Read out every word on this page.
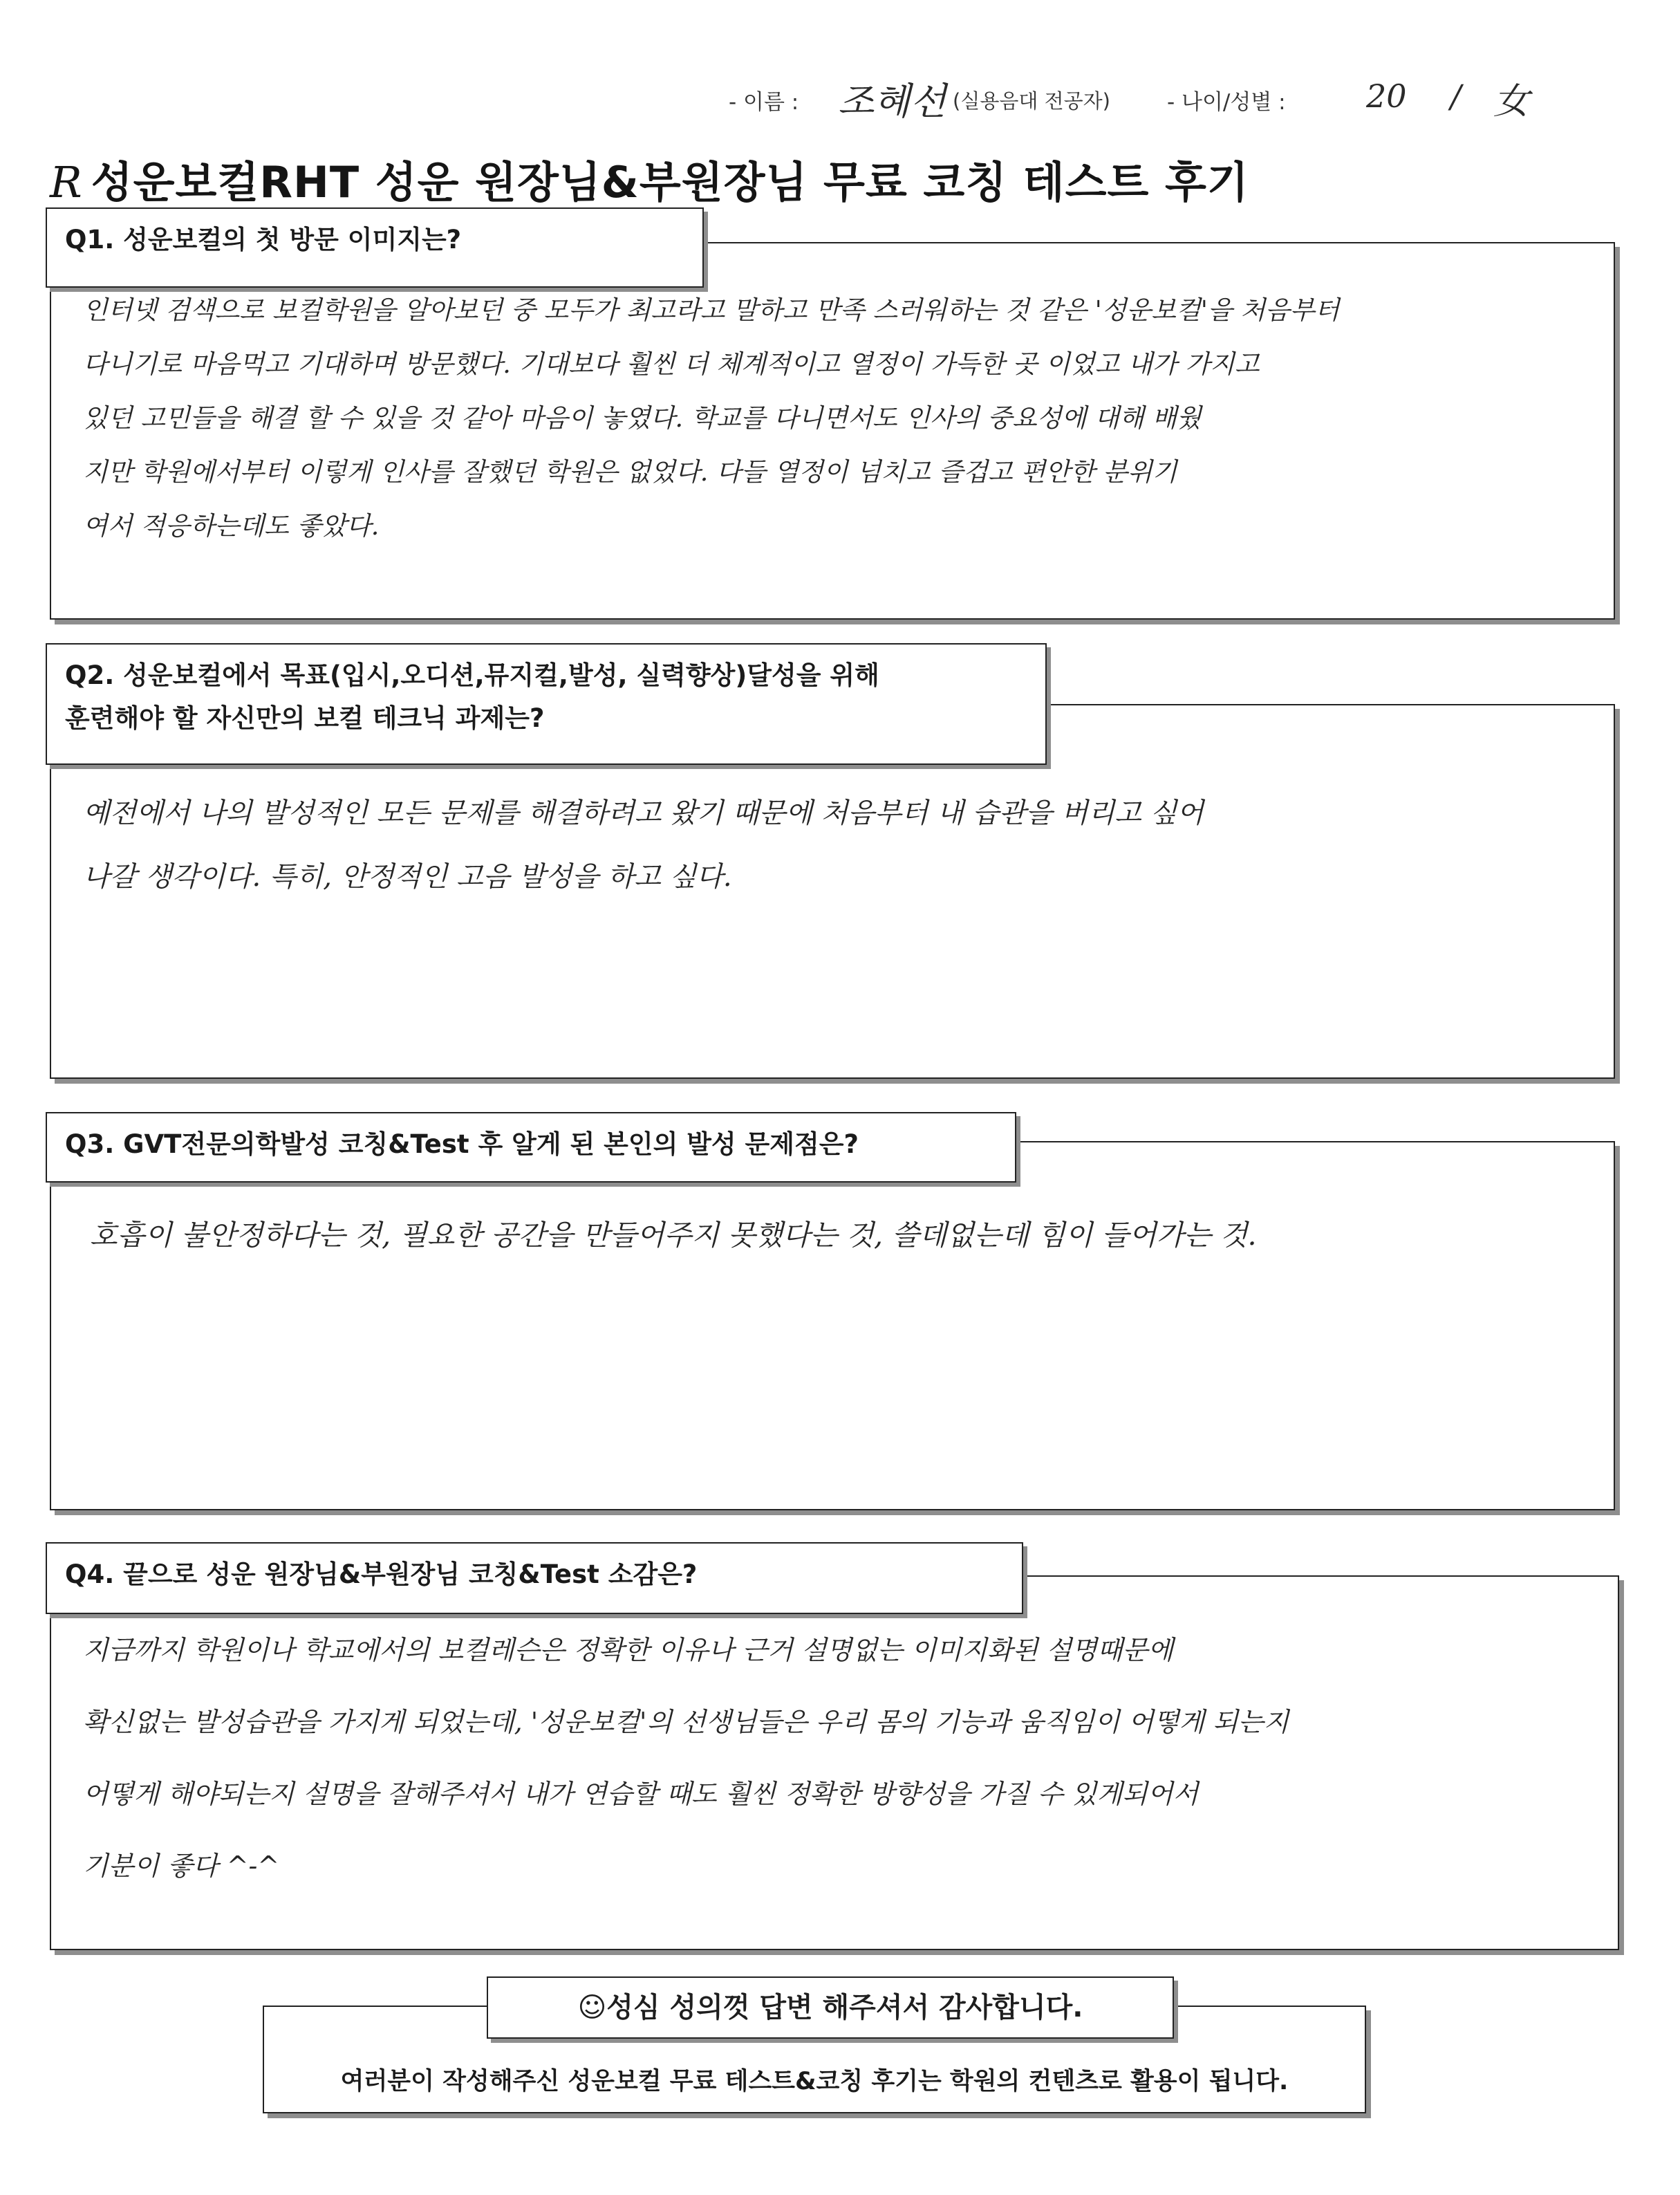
- 이름 : 조혜선 (실용음대 전공자)	- 나이/성별 :	20 / 女
R 성운보컬RHT 성운 원장님&부원장님 무료 코칭 테스트 후기
Q1. 성운보컬의 첫 방문 이미지는?
인터넷 검색으로 보컬학원을 알아보던 중 모두가 최고라고 말하고 만족 스러워하는 것 같은 '성운보컬'을 처음부터
다니기로 마음먹고 기대하며 방문했다. 기대보다 훨씬 더 체계적이고 열정이 가득한 곳 이었고 내가 가지고
있던 고민들을 해결 할 수 있을 것 같아 마음이 놓였다. 학교를 다니면서도 인사의 중요성에 대해 배웠
지만 학원에서부터 이렇게 인사를 잘했던 학원은 없었다. 다들 열정이 넘치고 즐겁고 편안한 분위기
여서 적응하는데도 좋았다.
Q2. 성운보컬에서 목표(입시,오디션,뮤지컬,발성, 실력향상)달성을 위해
훈련해야 할 자신만의 보컬 테크닉 과제는?
예전에서 나의 발성적인 모든 문제를 해결하려고 왔기 때문에 처음부터 내 습관을 버리고 싶어
나갈 생각이다. 특히, 안정적인 고음 발성을 하고 싶다.
Q3. GVT전문의학발성 코칭&Test 후 알게 된 본인의 발성 문제점은?
호흡이 불안정하다는 것, 필요한 공간을 만들어주지 못했다는 것, 쓸데없는데 힘이 들어가는 것.
Q4. 끝으로 성운 원장님&부원장님 코칭&Test 소감은?
지금까지 학원이나 학교에서의 보컬레슨은 정확한 이유나 근거 설명없는 이미지화된 설명때문에
확신없는 발성습관을 가지게 되었는데, '성운보컬'의 선생님들은 우리 몸의 기능과 움직임이 어떻게 되는지
어떻게 해야되는지 설명을 잘해주셔서 내가 연습할 때도 훨씬 정확한 방향성을 가질 수 있게되어서
기분이 좋다 ^-^
☺성심 성의껏 답변 해주셔서 감사합니다.
여러분이 작성해주신 성운보컬 무료 테스트&코칭 후기는 학원의 컨텐츠로 활용이 됩니다.
